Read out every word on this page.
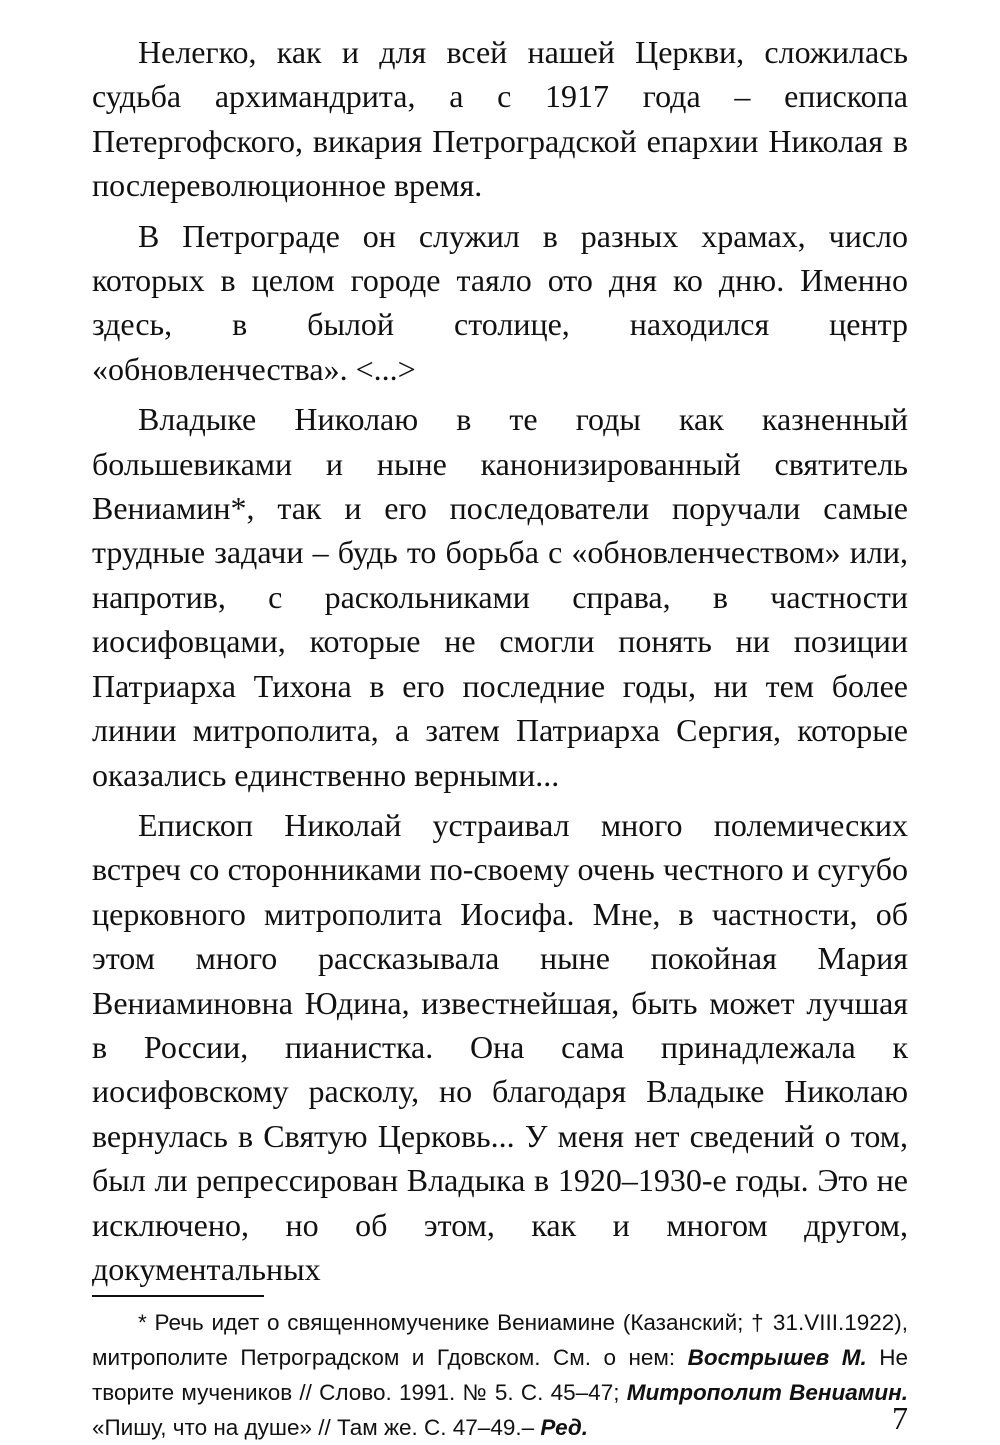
Нелегко, как и для всей нашей Церкви, сложилась судьба архимандрита, а с 1917 года – епископа Петергофского, викария Петроградской епархии Николая в послереволюционное время.

В Петрограде он служил в разных храмах, число которых в целом городе таяло ото дня ко дню. Именно здесь, в былой столице, находился центр «обновленчества». <...>

Владыке Николаю в те годы как казненный большевиками и ныне канонизированный святитель Вениамин*, так и его последователи поручали самые трудные задачи – будь то борьба с «обновленчеством» или, напротив, с раскольниками справа, в частности иосифовцами, которые не смогли понять ни позиции Патриарха Тихона в его последние годы, ни тем более линии митрополита, а затем Патриарха Сергия, которые оказались единственно верными...

Епископ Николай устраивал много полемических встреч со сторонниками по-своему очень честного и сугубо церковного митрополита Иосифа. Мне, в частности, об этом много рассказывала ныне покойная Мария Вениаминовна Юдина, известнейшая, быть может лучшая в России, пианистка. Она сама принадлежала к иосифовскому расколу, но благодаря Владыке Николаю вернулась в Святую Церковь... У меня нет сведений о том, был ли репрессирован Владыка в 1920–1930-е годы. Это не исключено, но об этом, как и многом другом, документальных

* Речь идет о священномученике Вениамине (Казанский; † 31.VIII.1922), митрополите Петроградском и Гдовском. См. о нем: Вострышев М. Не творите мучеников // Слово. 1991. № 5. С. 45–47; Митрополит Вениамин. «Пишу, что на душе» // Там же. С. 47–49.– Ред.	7
